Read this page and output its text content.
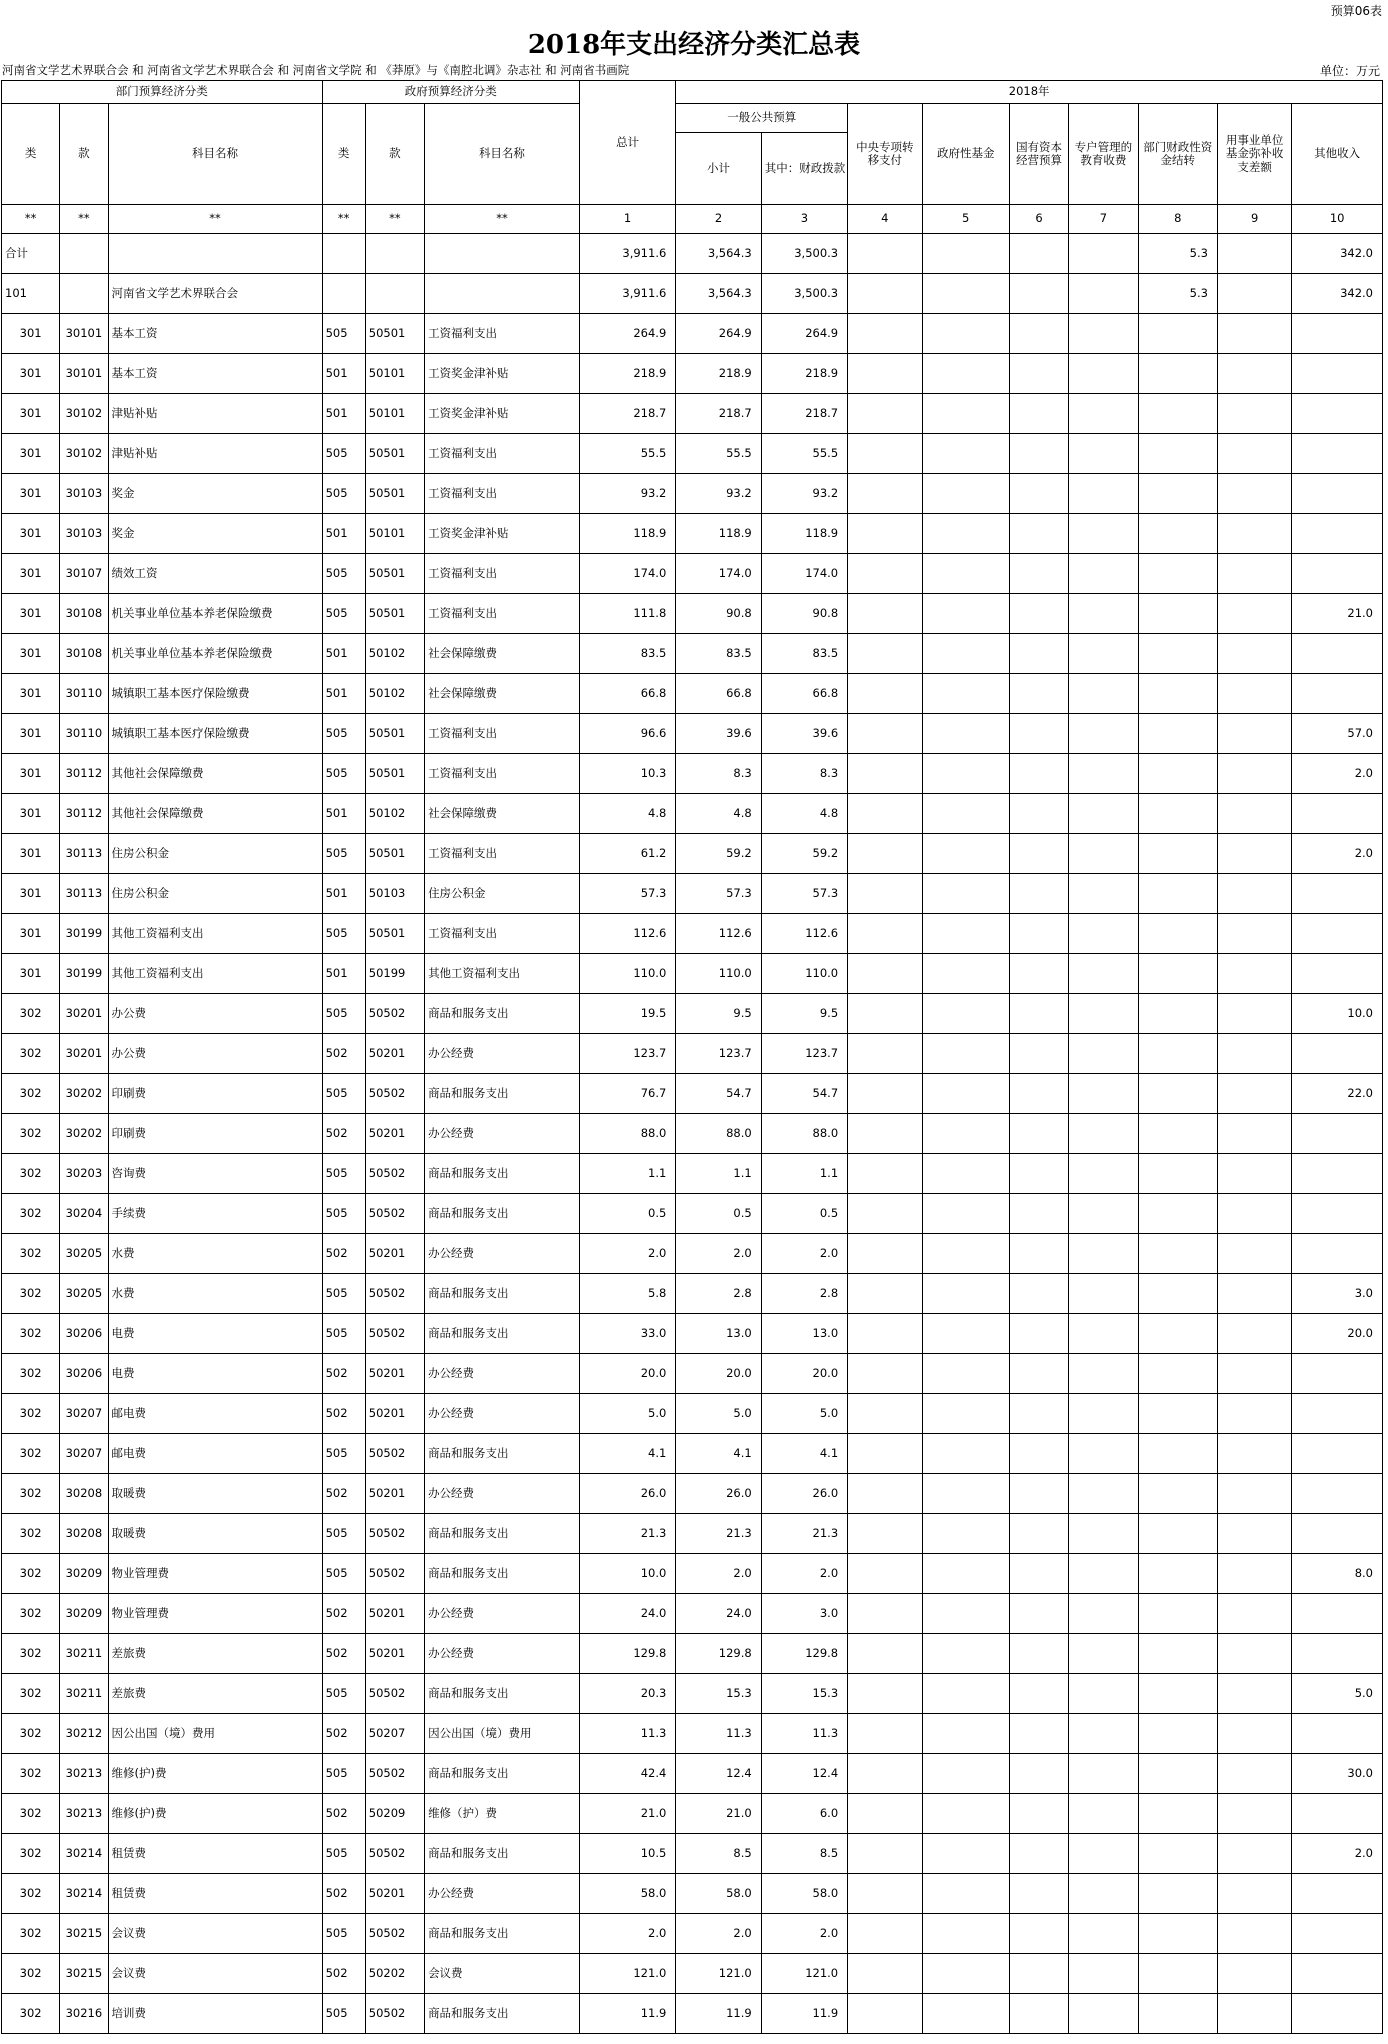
预算06表
2018年支出经济分类汇总表
河南省文学艺术界联合会 和 河南省文学艺术界联合会 和 河南省文学院 和 《莽原》与《南腔北调》杂志社 和 河南省书画院	单位：万元
部门预算经济分类			政府预算经济分类			总计	2018年								
类	款	科目名称	类	款	科目名称		一般公共预算		中央专项转移支付	政府性基金	国有资本经营预算	专户管理的教育收费	部门财政性资金结转	用事业单位基金弥补收支差额	其他收入
							小计	其中：财政拨款							
**	**	**	**	**	**	1	2	3	4	5	6	7	8	9	10
合计						3,911.6	3,564.3	3,500.3					5.3		342.0
101		河南省文学艺术界联合会				3,911.6	3,564.3	3,500.3					5.3		342.0
301	30101	基本工资	505	50501	工资福利支出	264.9	264.9	264.9							
301	30101	基本工资	501	50101	工资奖金津补贴	218.9	218.9	218.9							
301	30102	津贴补贴	501	50101	工资奖金津补贴	218.7	218.7	218.7							
301	30102	津贴补贴	505	50501	工资福利支出	55.5	55.5	55.5							
301	30103	奖金	505	50501	工资福利支出	93.2	93.2	93.2							
301	30103	奖金	501	50101	工资奖金津补贴	118.9	118.9	118.9							
301	30107	绩效工资	505	50501	工资福利支出	174.0	174.0	174.0							
301	30108	机关事业单位基本养老保险缴费	505	50501	工资福利支出	111.8	90.8	90.8							21.0
301	30108	机关事业单位基本养老保险缴费	501	50102	社会保障缴费	83.5	83.5	83.5							
301	30110	城镇职工基本医疗保险缴费	501	50102	社会保障缴费	66.8	66.8	66.8							
301	30110	城镇职工基本医疗保险缴费	505	50501	工资福利支出	96.6	39.6	39.6							57.0
301	30112	其他社会保障缴费	505	50501	工资福利支出	10.3	8.3	8.3							2.0
301	30112	其他社会保障缴费	501	50102	社会保障缴费	4.8	4.8	4.8							
301	30113	住房公积金	505	50501	工资福利支出	61.2	59.2	59.2							2.0
301	30113	住房公积金	501	50103	住房公积金	57.3	57.3	57.3							
301	30199	其他工资福利支出	505	50501	工资福利支出	112.6	112.6	112.6							
301	30199	其他工资福利支出	501	50199	其他工资福利支出	110.0	110.0	110.0							
302	30201	办公费	505	50502	商品和服务支出	19.5	9.5	9.5							10.0
302	30201	办公费	502	50201	办公经费	123.7	123.7	123.7							
302	30202	印刷费	505	50502	商品和服务支出	76.7	54.7	54.7							22.0
302	30202	印刷费	502	50201	办公经费	88.0	88.0	88.0							
302	30203	咨询费	505	50502	商品和服务支出	1.1	1.1	1.1							
302	30204	手续费	505	50502	商品和服务支出	0.5	0.5	0.5							
302	30205	水费	502	50201	办公经费	2.0	2.0	2.0							
302	30205	水费	505	50502	商品和服务支出	5.8	2.8	2.8							3.0
302	30206	电费	505	50502	商品和服务支出	33.0	13.0	13.0							20.0
302	30206	电费	502	50201	办公经费	20.0	20.0	20.0							
302	30207	邮电费	502	50201	办公经费	5.0	5.0	5.0							
302	30207	邮电费	505	50502	商品和服务支出	4.1	4.1	4.1							
302	30208	取暖费	502	50201	办公经费	26.0	26.0	26.0							
302	30208	取暖费	505	50502	商品和服务支出	21.3	21.3	21.3							
302	30209	物业管理费	505	50502	商品和服务支出	10.0	2.0	2.0							8.0
302	30209	物业管理费	502	50201	办公经费	24.0	24.0	3.0							
302	30211	差旅费	502	50201	办公经费	129.8	129.8	129.8							
302	30211	差旅费	505	50502	商品和服务支出	20.3	15.3	15.3							5.0
302	30212	因公出国（境）费用	502	50207	因公出国（境）费用	11.3	11.3	11.3							
302	30213	维修(护)费	505	50502	商品和服务支出	42.4	12.4	12.4							30.0
302	30213	维修(护)费	502	50209	维修（护）费	21.0	21.0	6.0							
302	30214	租赁费	505	50502	商品和服务支出	10.5	8.5	8.5							2.0
302	30214	租赁费	502	50201	办公经费	58.0	58.0	58.0							
302	30215	会议费	505	50502	商品和服务支出	2.0	2.0	2.0							
302	30215	会议费	502	50202	会议费	121.0	121.0	121.0							
302	30216	培训费	505	50502	商品和服务支出	11.9	11.9	11.9							
